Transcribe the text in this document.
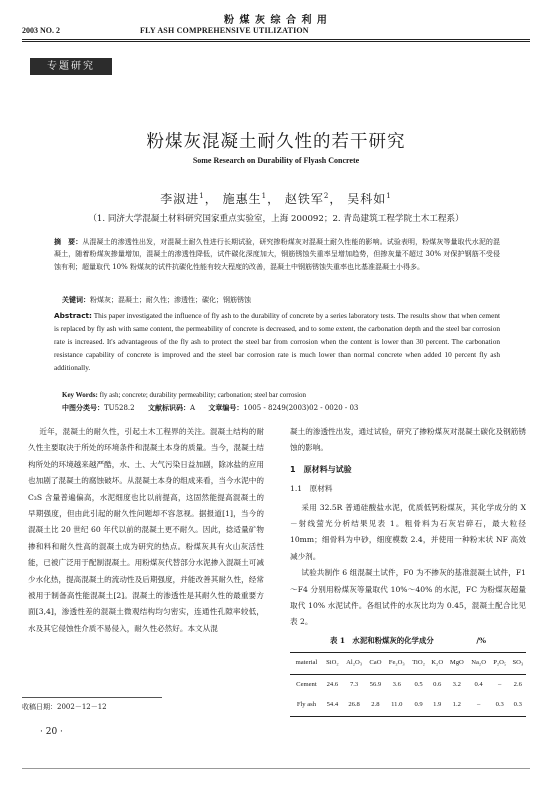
粉 煤 灰 综 合 利 用
2003 NO. 2	FLY ASH COMPREHENSIVE UTILIZATION
专题研究
粉煤灰混凝土耐久性的若干研究
Some Research on Durability of Flyash Concrete
李淑进$^1$， 施惠生$^1$， 赵铁军$^2$， 吴科如$^1$
（1. 同济大学混凝土材料研究国家重点实验室，上海 200092；2. 青岛建筑工程学院土木工程系）
摘　要：从混凝土的渗透性出发，对混凝土耐久性进行长期试验，研究掺粉煤灰对混凝土耐久性能的影响。试验表明，粉煤灰等量取代水泥的混凝土，随着粉煤灰掺量增加，混凝土的渗透性降低，试件碳化深度加大，钢筋锈蚀失重率呈增加趋势，但掺灰量不超过 30% 对保护钢筋不受侵蚀有利；超量取代 10% 粉煤灰的试件抗碳化性能有较大程度的改善，混凝土中钢筋锈蚀失重率也比基准混凝土小得多。
关键词：粉煤灰；混凝土；耐久性；渗透性；碳化；钢筋锈蚀
Abstract: This paper investigated the influence of fly ash to the durability of concrete by a series laboratory tests. The results show that when cement is replaced by fly ash with same content, the permeability of concrete is decreased, and to some extent, the carbonation depth and the steel bar corrosion rate is increased. It's advantageous of the fly ash to protect the steel bar from corrosion when the content is lower than 30 percent. The carbonation resistance capability of concrete is improved and the steel bar corrosion rate is much lower than normal concrete when added 10 percent fly ash additionally.
Key Words: fly ash; concrete; durability permeability; carbonation; steel bar corrosion
中图分类号：TU528.2 文献标识码：A 文章编号：1005 - 8249(2003)02 - 0020 - 03

近年，混凝土的耐久性，引起土木工程界的关注。混凝土结构的耐久性主要取决于所处的环境条件和混凝土本身的质量。当今，混凝土结构所处的环境越来越严酷，水、土、大气污染日益加剧，除冰盐的应用也加剧了混凝土的腐蚀破坏。从混凝土本身的组成来看，当今水泥中的 C₃S 含量普遍偏高，水泥细度也比以前提高，这固然能提高混凝土的早期强度，但由此引起的耐久性问题却不容忽视。据报道[1]，当今的混凝土比 20 世纪 60 年代以前的混凝土更不耐久。因此，捻适量矿物掺和料和耐久性高的混凝土成为研究的热点。粉煤灰具有火山灰活性能，已被广泛用于配制混凝土。用粉煤灰代替部分水泥掺入混凝土可减少水化热，提高混凝土的流动性及后期强度，并能改善其耐久性，经常被用于制备高性能混凝土[2]。混凝土的渗透性是其耐久性的最重要方面[3,4]，渗透性差的混凝土微观结构均匀密实，连通性孔隙率较低，水及其它侵蚀性介质不易侵入，耐久性必然好。本文从混

凝土的渗透性出发，通过试验，研究了掺粉煤灰对混凝土碳化及钢筋锈蚀的影响。

1　原材料与试验
1.1　原材料

采用 32.5R 普通硅酸盐水泥，优质低钙粉煤灰，其化学成分的 X－射线萤光分析结果见表 1。粗骨料为石灰岩碎石，最大粒径 10mm；细骨料为中砂，细度模数 2.4，并使用一种粉末状 NF 高效减少剂。

试验共制作 6 组混凝土试件，F0 为不掺灰的基准混凝土试件，F1～F4 分别用粉煤灰等量取代 10%～40% 的水泥，FC 为粉煤灰超量取代 10% 水泥试件。各组试件的水灰比均为 0.45，混凝土配合比见表 2。

表 1　水泥和粉煤灰的化学成分	/%
material	SiO₂	Al₂O₃	CaO	Fe₂O₃	TiO₂	K₂O	MgO	Na₂O	P₂O₅	SO₃
Cement	24.6	7.3	56.9	3.6	0.5	0.6	3.2	0.4	–	2.6
Fly ash	54.4	26.8	2.8	11.0	0.9	1.9	1.2	–	0.3	0.3
收稿日期：2002－12－12
· 20 ·
